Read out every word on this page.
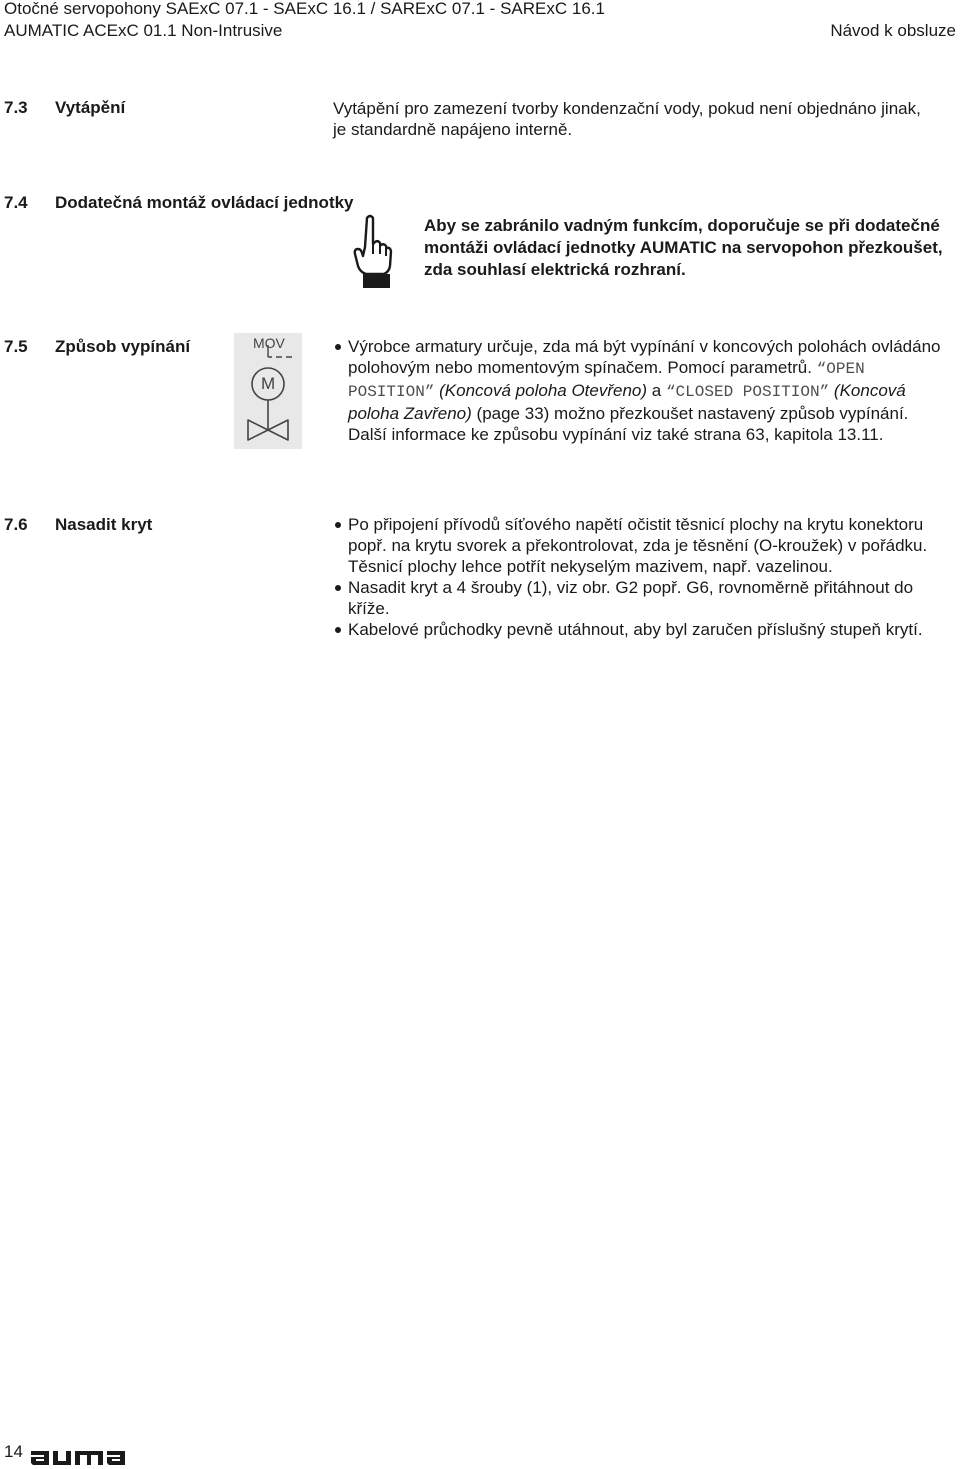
Otočné servopohony SAExC 07.1 - SAExC 16.1 / SARExC 07.1 - SARExC 16.1
AUMATIC ACExC 01.1 Non-Intrusive	Návod k obsluze
7.3 Vytápění	Vytápění pro zamezení tvorby kondenzační vody, pokud není objednáno jinak, je standardně napájeno interně.
7.4 Dodatečná montáž ovládací jednotky
Aby se zabránilo vadným funkcím, doporučuje se při dodatečné montáži ovládací jednotky AUMATIC na servopohon přezkoušet, zda souhlasí elektrická rozhraní.
7.5 Způsob vypínání	MOV
M
Výrobce armatury určuje, zda má být vypínání v koncových polohách ovládáno polohovým nebo momentovým spínačem. Pomocí parametrů. “OPEN POSITION” (Koncová poloha Otevřeno) a “CLOSED POSITION” (Koncová poloha Zavřeno) (page 33) možno přezkoušet nastavený způsob vypínání. Další informace ke způsobu vypínání viz také strana 63, kapitola 13.11.
7.6 Nasadit kryt	Po připojení přívodů síťového napětí očistit těsnicí plochy na krytu konektoru popř. na krytu svorek a překontrolovat, zda je těsnění (O-kroužek) v pořádku. Těsnicí plochy lehce potřít nekyselým mazivem, např. vazelinou.
Nasadit kryt a 4 šrouby (1), viz obr. G2 popř. G6, rovnoměrně přitáhnout do kříže.
Kabelové průchodky pevně utáhnout, aby byl zaručen příslušný stupeň krytí.
14
